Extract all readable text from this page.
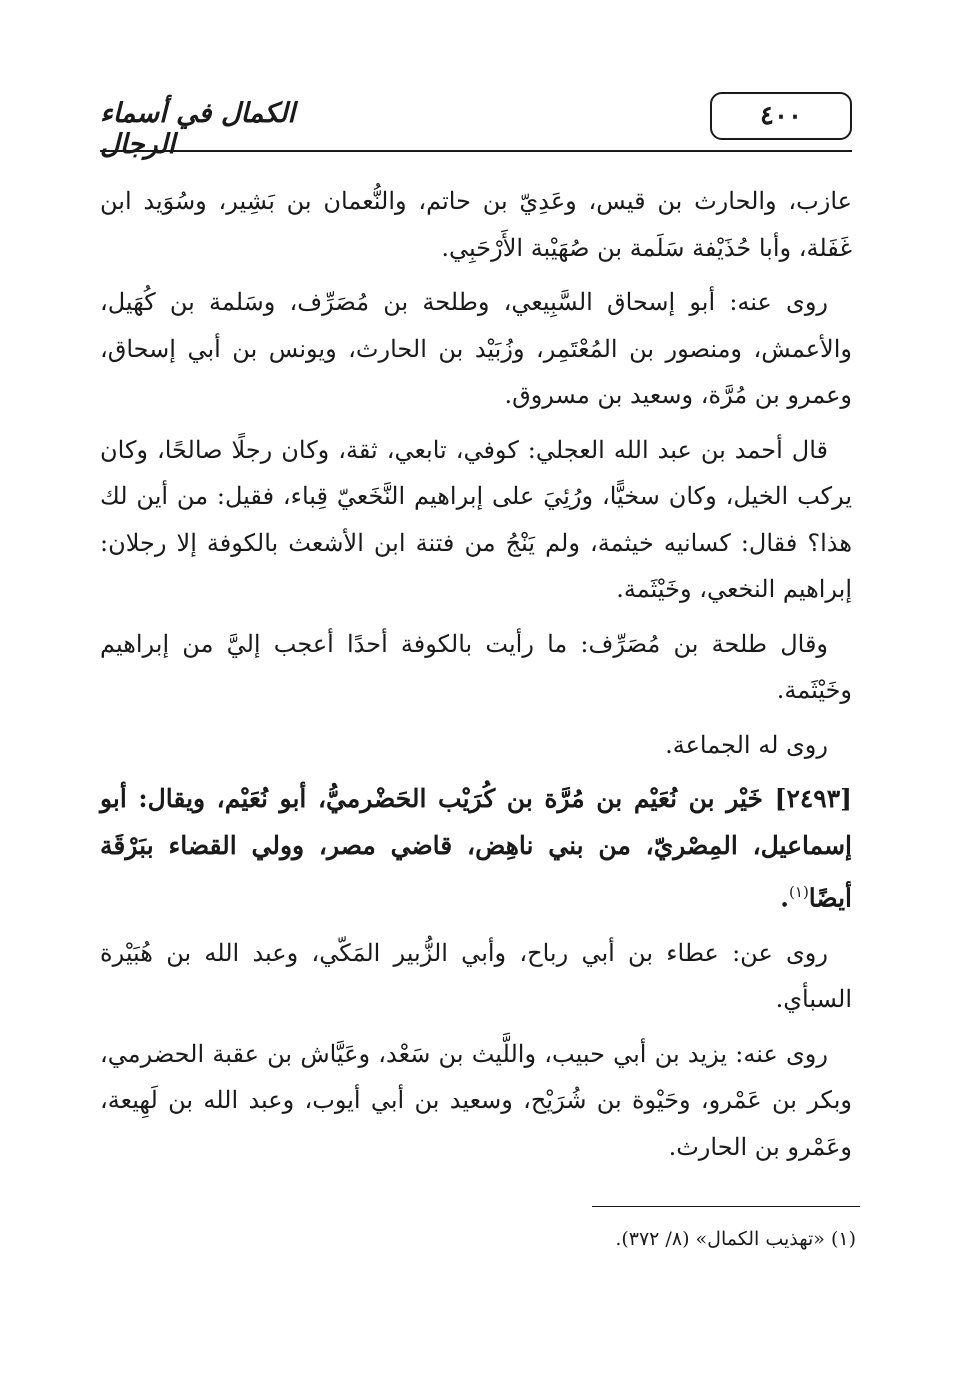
الكمال في أسماء الرجال
٤٠٠

عازب، والحارث بن قيس، وعَدِيّ بن حاتم، والنُّعمان بن بَشِير، وسُوَيد ابن غَفَلة، وأبا حُذَيْفة سَلَمة بن صُهَيْبة الأَرْحَبِي.

روى عنه: أبو إسحاق السَّبِيعي، وطلحة بن مُصَرِّف، وسَلمة بن كُهَيل، والأعمش، ومنصور بن المُعْتَمِر، وزُبَيْد بن الحارث، ويونس بن أبي إسحاق، وعمرو بن مُرَّة، وسعيد بن مسروق.

قال أحمد بن عبد الله العجلي: كوفي، تابعي، ثقة، وكان رجلًا صالحًا، وكان يركب الخيل، وكان سخيًّا، ورُئِيَ على إبراهيم النَّخَعيّ قِباء، فقيل: من أين لك هذا؟ فقال: كسانيه خيثمة، ولم يَنْجُ من فتنة ابن الأشعث بالكوفة إلا رجلان: إبراهيم النخعي، وخَيْثَمة.

وقال طلحة بن مُصَرِّف: ما رأيت بالكوفة أحدًا أعجب إليَّ من إبراهيم وخَيْثَمة.

روى له الجماعة.

[٢٤٩٣] خَيْر بن نُعَيْم بن مُرَّة بن كُرَيْب الحَضْرميُّ، أبو نُعَيْم، ويقال: أبو إسماعيل، المِصْريّ، من بني ناهِض، قاضي مصر، وولي القضاء ببَرْقَة أيضًا$^{(١)}$.

روى عن: عطاء بن أبي رباح، وأبي الزُّبير المَكّي، وعبد الله بن هُبَيْرة السبأي.

روى عنه: يزيد بن أبي حبيب، واللَّيث بن سَعْد، وعَيَّاش بن عقبة الحضرمي، وبكر بن عَمْرو، وحَيْوة بن شُرَيْح، وسعيد بن أبي أيوب، وعبد الله بن لَهِيعة، وعَمْرو بن الحارث.

(١) «تهذيب الكمال» (٨/ ٣٧٢).
